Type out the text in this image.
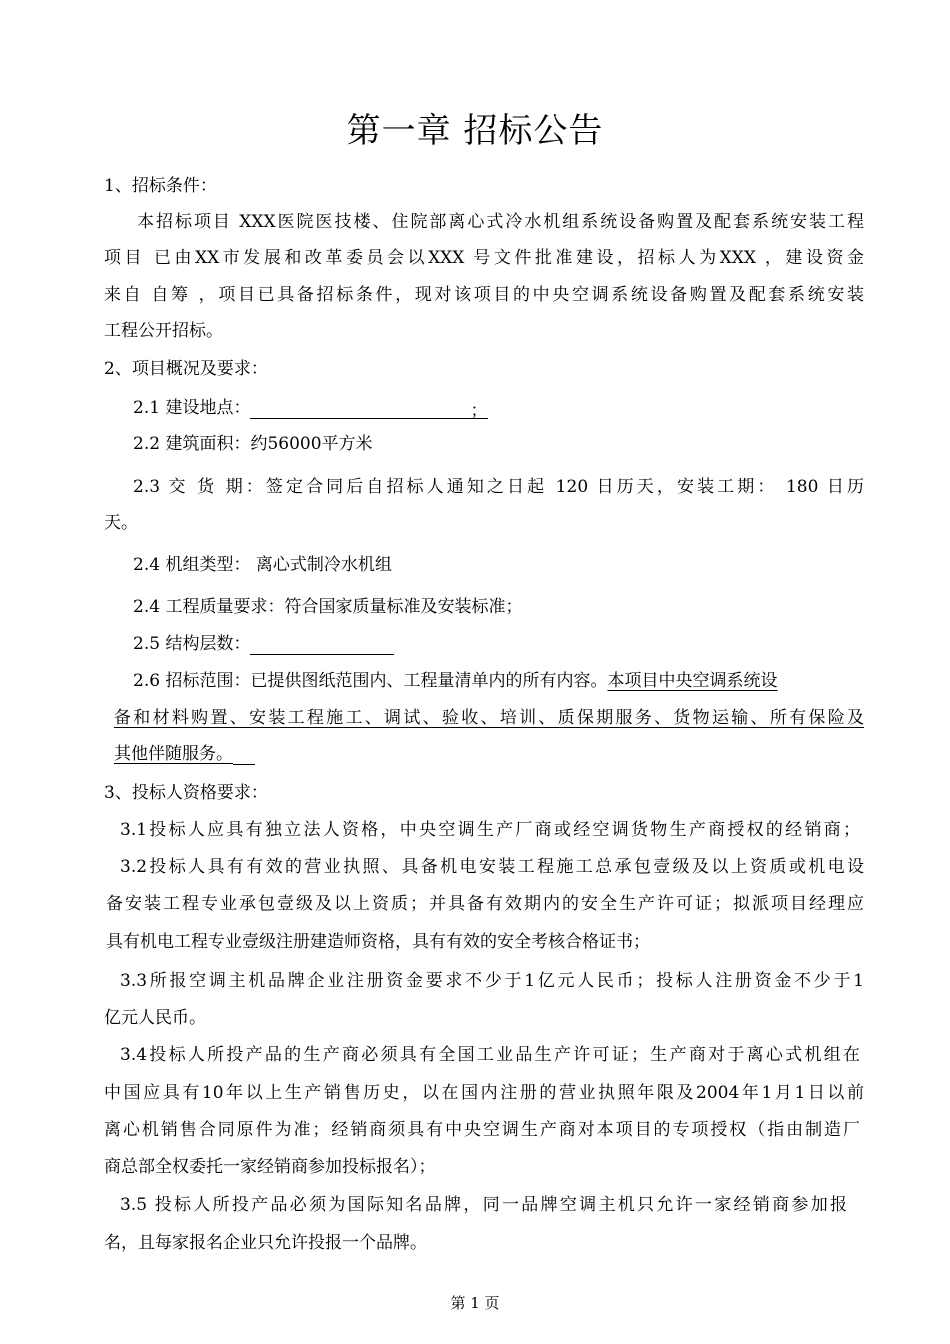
第一章 招标公告
1、招标条件：
本招标项目 XXX医院医技楼、住院部离心式冷水机组系统设备购置及配套系统安装工程
项目 已由XX市发展和改革委员会以XXX 号文件批准建设，招标人为XXX ，建设资金
来自 自筹 ，项目已具备招标条件，现对该项目的中央空调系统设备购置及配套系统安装
工程公开招标。
2、项目概况及要求：
2.1 建设地点：	；
2.2 建筑面积：约56000平方米
2.3 交 货 期：签定合同后自招标人通知之日起 120 日历天，安装工期： 180 日历
天。
2.4 机组类型： 离心式制冷水机组
2.4 工程质量要求：符合国家质量标准及安装标准；
2.5 结构层数：
2.6 招标范围：已提供图纸范围内、工程量清单内的所有内容。本项目中央空调系统设
备和材料购置、安装工程施工、调试、验收、培训、质保期服务、货物运输、所有保险及
其他伴随服务。
3、投标人资格要求：
3.1投标人应具有独立法人资格，中央空调生产厂商或经空调货物生产商授权的经销商；
3.2投标人具有有效的营业执照、具备机电安装工程施工总承包壹级及以上资质或机电设
备安装工程专业承包壹级及以上资质；并具备有效期内的安全生产许可证；拟派项目经理应
具有机电工程专业壹级注册建造师资格，具有有效的安全考核合格证书；
3.3所报空调主机品牌企业注册资金要求不少于1亿元人民币；投标人注册资金不少于1
亿元人民币。
3.4投标人所投产品的生产商必须具有全国工业品生产许可证；生产商对于离心式机组在
中国应具有10年以上生产销售历史，以在国内注册的营业执照年限及2004年1月1日以前
离心机销售合同原件为准；经销商须具有中央空调生产商对本项目的专项授权（指由制造厂
商总部全权委托一家经销商参加投标报名）；
3.5 投标人所投产品必须为国际知名品牌，同一品牌空调主机只允许一家经销商参加报
名，且每家报名企业只允许投报一个品牌。
第 1 页
